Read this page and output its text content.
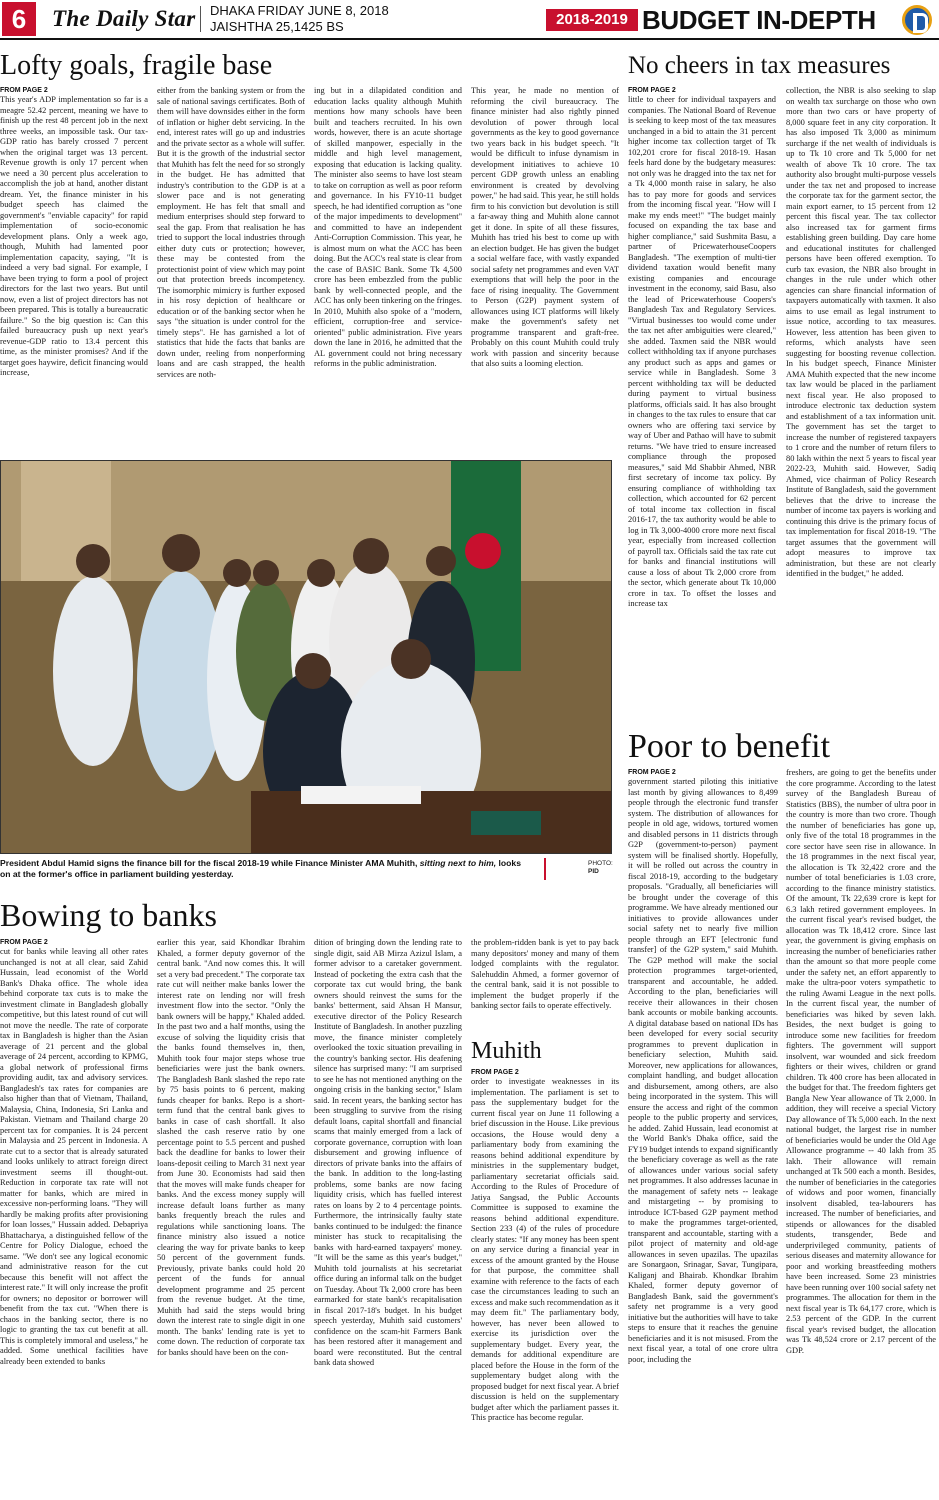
6	The Daily Star DHAKA FRIDAY JUNE 8, 2018
JAISHTHA 25,1425 BS	2018-2019 BUDGET IN-DEPTH
Lofty goals, fragile base
FROM PAGE 2
This year's ADP implementation so far is a meagre 52.42 percent, meaning we have to finish up the rest 48 percent job in the next three weeks, an impossible task. Our tax-GDP ratio has barely crossed 7 percent when the original target was 13 percent. Revenue growth is only 17 percent when we need a 30 percent plus acceleration to accomplish the job at hand, another distant dream. Yet, the finance minister in his budget speech has claimed the government's "enviable capacity" for rapid implementation of socio-economic development plans. Only a week ago, though, Muhith had lamented poor implementation capacity, saying, "It is indeed a very bad signal. For example, I have been trying to form a pool of project directors for the last two years. But until now, even a list of project directors has not been prepared. This is totally a bureaucratic failure." So the big question is: Can this failed bureaucracy push up next year's revenue-GDP ratio to 13.4 percent this time, as the minister promises? And if the target goes haywire, deficit financing would increase,
either from the banking system or from the sale of national savings certificates. Both of them will have downsides either in the form of inflation or higher debt servicing. In the end, interest rates will go up and industries and the private sector as a whole will suffer. But it is the growth of the industrial sector that Muhith has felt the need for so strongly in the budget. He has admitted that industry's contribution to the GDP is at a slower pace and is not generating employment. He has felt that small and medium enterprises should step forward to seal the gap. From that realisation he has tried to support the local industries through either duty cuts or protection; however, these may be contested from the protectionist point of view which may point out that protection breeds incompetency. The isomorphic mimicry is further exposed in his rosy depiction of healthcare or education or of the banking sector when he says "the situation is under control for the timely steps". He has garnished a lot of statistics that hide the facts that banks are down under, reeling from nonperforming loans and are cash strapped, the health services are noth-
ing but in a dilapidated condition and education lacks quality although Muhith mentions how many schools have been built and teachers recruited. In his own words, however, there is an acute shortage of skilled manpower, especially in the middle and high level management, exposing that education is lacking quality. The minister also seems to have lost steam to take on corruption as well as poor reform and governance. In his FY10-11 budget speech, he had identified corruption as "one of the major impediments to development" and committed to have an independent Anti-Corruption Commission. This year, he is almost mum on what the ACC has been doing. But the ACC's real state is clear from the case of BASIC Bank. Some Tk 4,500 crore has been embezzled from the public bank by well-connected people, and the ACC has only been tinkering on the fringes. In 2010, Muhith also spoke of a "modern, efficient, corruption-free and service-oriented" public administration. Five years down the lane in 2016, he admitted that the AL government could not bring necessary reforms in the public administration.
This year, he made no mention of reforming the civil bureaucracy. The finance minister had also rightly pinned devolution of power through local governments as the key to good governance two years back in his budget speech. "It would be difficult to infuse dynamism in development initiatives to achieve 10 percent GDP growth unless an enabling environment is created by devolving power," he had said. This year, he still holds firm to his conviction but devolution is still a far-away thing and Muhith alone cannot get it done. In spite of all these fissures, Muhith has tried his best to come up with an election budget. He has given the budget a social welfare face, with vastly expanded social safety net programmes and even VAT exemptions that will help the poor in the face of rising inequality. The Government to Person (G2P) payment system of allowances using ICT platforms will likely make the government's safety net programme transparent and graft-free. Probably on this count Muhith could truly work with passion and sincerity because that also suits a looming election.
No cheers in tax measures
FROM PAGE 2
little to cheer for individual taxpayers and companies. The National Board of Revenue is seeking to keep most of the tax measures unchanged in a bid to attain the 31 percent higher income tax collection target of Tk 102,201 crore for fiscal 2018-19. Hasan feels hard done by the budgetary measures: not only was he dragged into the tax net for a Tk 4,000 month raise in salary, he also has to pay more for goods and services from the incoming fiscal year. "How will I make my ends meet!" "The budget mainly focused on expanding the tax base and higher compliance," said Sushmita Basu, a partner of PricewaterhouseCoopers Bangladesh. "The exemption of multi-tier dividend taxation would benefit many existing companies and encourage investment in the economy, said Basu, also the lead of Pricewaterhouse Coopers's Bangladesh Tax and Regulatory Services. "Virtual businesses too would come under the tax net after ambiguities were cleared," she added. Taxmen said the NBR would collect withholding tax if anyone purchases any product such as apps and games or service while in Bangladesh. Some 3 percent withholding tax will be deducted during payment to virtual business platforms, officials said. It has also brought in changes to the tax rules to ensure that car owners who are offering taxi service by way of Uber and Pathao will have to submit returns. "We have tried to ensure increased compliance through the proposed measures," said Md Shabbir Ahmed, NBR first secretary of income tax policy. By ensuring compliance of withholding tax collection, which accounted for 62 percent of total income tax collection in fiscal 2016-17, the tax authority would be able to log in Tk 3,000-4000 crore more next fiscal year, especially from increased collection of payroll tax. Officials said the tax rate cut for banks and financial institutions will cause a loss of about Tk 2,000 crore from the sector, which generate about Tk 10,000 crore in tax. To offset the losses and increase tax
collection, the NBR is also seeking to slap on wealth tax surcharge on those who own more than two cars or have property of 8,000 square feet in any city corporation. It has also imposed Tk 3,000 as minimum surcharge if the net wealth of individuals is up to Tk 10 crore and Tk 5,000 for net wealth of above Tk 10 crore. The tax authority also brought multi-purpose vessels under the tax net and proposed to increase the corporate tax for the garment sector, the main export earner, to 15 percent from 12 percent this fiscal year. The tax collector also increased tax for garment firms establishing green building. Day care home and educational institutes for challenged persons have been offered exemption. To curb tax evasion, the NBR also brought in changes in the rule under which other agencies can share financial information of taxpayers automatically with taxmen. It also aims to use email as legal instrument to issue notice, according to tax measures. However, less attention has been given to reforms, which analysts have seen suggesting for boosting revenue collection. In his budget speech, Finance Minister AMA Muhith expected that the new income tax law would be placed in the parliament next fiscal year. He also proposed to introduce electronic tax deduction system and establishment of a tax information unit. The government has set the target to increase the number of registered taxpayers to 1 crore and the number of return filers to 80 lakh within the next 5 years to fiscal year 2022-23, Muhith said. However, Sadiq Ahmed, vice chairman of Policy Research Institute of Bangladesh, said the government believes that the drive to increase the number of income tax payers is working and continuing this drive is the primary focus of tax implementation for fiscal 2018-19. "The target assumes that the government will adopt measures to improve tax administration, but these are not clearly identified in the budget," he added.
President Abdul Hamid signs the finance bill for the fiscal 2018-19 while Finance Minister AMA Muhith, sitting next to him, looks on at the former's office in parliament building yesterday.
PHOTO:
PID
Poor to benefit
FROM PAGE 2
government started piloting this initiative last month by giving allowances to 8,499 people through the electronic fund transfer system. The distribution of allowances for people in old age, widows, tortured women and disabled persons in 11 districts through G2P (government-to-person) payment system will be finalised shortly. Hopefully, it will be rolled out across the country in fiscal 2018-19, according to the budgetary proposals. "Gradually, all beneficiaries will be brought under the coverage of this programme. We have already mentioned our initiatives to provide allowances under social safety net to nearly five million people through an EFT [electronic fund transfer] of the G2P system," said Muhith. The G2P method will make the social protection programmes target-oriented, transparent and accountable, he added. According to the plan, beneficiaries will receive their allowances in their chosen bank accounts or mobile banking accounts. A digital database based on national IDs has been developed for every social security programmes to prevent duplication in beneficiary selection, Muhith said. Moreover, new applications for allowances, complaint handling, and budget allocation and disbursement, among others, are also being incorporated in the system. This will ensure the access and right of the common people to the public property and services, he added. Zahid Hussain, lead economist at the World Bank's Dhaka office, said the FY19 budget intends to expand significantly the beneficiary coverage as well as the rate of allowances under various social safety net programmes. It also addresses lacunae in the management of safety nets -- leakage and mistargeting -- by promising to introduce ICT-based G2P payment method to make the programmes target-oriented, transparent and accountable, starting with a pilot project of maternity and old-age allowances in seven upazilas. The upazilas are Sonargaon, Srinagar, Savar, Tungipara, Kaliganj and Bhairab. Khondkar Ibrahim Khaled, former deputy governor of Bangladesh Bank, said the government's safety net programme is a very good initiative but the authorities will have to take steps to ensure that it reaches the genuine beneficiaries and it is not misused. From the next fiscal year, a total of one crore ultra poor, including the
freshers, are going to get the benefits under the core programme. According to the latest survey of the Bangladesh Bureau of Statistics (BBS), the number of ultra poor in the country is more than two crore. Though the number of beneficiaries has gone up, only five of the total 18 programmes in the core sector have seen rise in allowance. In the 18 programmes in the next fiscal year, the allocation is Tk 32,422 crore and the number of total beneficiaries is 1.03 crore, according to the finance ministry statistics. Of the amount, Tk 22,639 crore is kept for 6.3 lakh retired government employees. In the current fiscal year's revised budget, the allocation was Tk 18,412 crore. Since last year, the government is giving emphasis on increasing the number of beneficiaries rather than the amount so that more people come under the safety net, an effort apparently to make the ultra-poor voters sympathetic to the ruling Awami League in the next polls. In the current fiscal year, the number of beneficiaries was hiked by seven lakh. Besides, the next budget is going to introduce some new facilities for freedom fighters. The government will support insolvent, war wounded and sick freedom fighters or their wives, children or grand children. Tk 400 crore has been allocated in the budget for that. The freedom fighters get Bangla New Year allowance of Tk 2,000. In addition, they will receive a special Victory Day allowance of Tk 5,000 each. In the next national budget, the largest rise in number of beneficiaries would be under the Old Age Allowance programme -- 40 lakh from 35 lakh. Their allowance will remain unchanged at Tk 500 each a month. Besides, the number of beneficiaries in the categories of widows and poor women, financially insolvent disabled, tea-labourers has increased. The number of beneficiaries, and stipends or allowances for the disabled students, transgender, Bede and underprivileged community, patients of serious diseases and maternity allowance for poor and working breastfeeding mothers have been increased. Some 23 ministries have been running over 100 social safety net programmes. The allocation for them in the next fiscal year is Tk 64,177 crore, which is 2.53 percent of the GDP. In the current fiscal year's revised budget, the allocation was Tk 48,524 crore or 2.17 percent of the GDP.
Bowing to banks
FROM PAGE 2
cut for banks while leaving all other rates unchanged is not at all clear, said Zahid Hussain, lead economist of the World Bank's Dhaka office. The whole idea behind corporate tax cuts is to make the investment climate in Bangladesh globally competitive, but this latest round of cut will not move the needle. The rate of corporate tax in Bangladesh is higher than the Asian average of 21 percent and the global average of 24 percent, according to KPMG, a global network of professional firms providing audit, tax and advisory services. Bangladesh's tax rates for companies are also higher than that of Vietnam, Thailand, Malaysia, China, Indonesia, Sri Lanka and Pakistan. Vietnam and Thailand charge 20 percent tax for companies. It is 24 percent in Malaysia and 25 percent in Indonesia. A rate cut to a sector that is already saturated and looks unlikely to attract foreign direct investment seems ill thought-out. Reduction in corporate tax rate will not matter for banks, which are mired in excessive non-performing loans. "They will hardly be making profits after provisioning for loan losses," Hussain added. Debapriya Bhattacharya, a distinguished fellow of the Centre for Policy Dialogue, echoed the same. "We don't see any logical economic and administrative reason for the cut because this benefit will not affect the interest rate." It will only increase the profit for owners; no depositor or borrower will benefit from the tax cut. "When there is chaos in the banking sector, there is no logic to granting the tax cut benefit at all. This is completely immoral and useless," he added. Some unethical facilities have already been extended to banks
earlier this year, said Khondkar Ibrahim Khaled, a former deputy governor of the central bank. "And now comes this. It will set a very bad precedent." The corporate tax rate cut will neither make banks lower the interest rate on lending nor will fresh investment flow into the sector. "Only the bank owners will be happy," Khaled added. In the past two and a half months, using the excuse of solving the liquidity crisis that the banks found themselves in, then, Muhith took four major steps whose true beneficiaries were just the bank owners. The Bangladesh Bank slashed the repo rate by 75 basis points to 6 percent, making funds cheaper for banks. Repo is a short-term fund that the central bank gives to banks in case of cash shortfall. It also slashed the cash reserve ratio by one percentage point to 5.5 percent and pushed back the deadline for banks to lower their loans-deposit ceiling to March 31 next year from June 30. Economists had said then that the moves will make funds cheaper for banks. And the excess money supply will increase default loans further as many banks frequently breach the rules and regulations while sanctioning loans. The finance ministry also issued a notice clearing the way for private banks to keep 50 percent of the government funds. Previously, private banks could hold 20 percent of the funds for annual development programme and 25 percent from the revenue budget. At the time, Muhith had said the steps would bring down the interest rate to single digit in one month. The banks' lending rate is yet to come down. The reduction of corporate tax for banks should have been on the con-
dition of bringing down the lending rate to single digit, said AB Mirza Azizul Islam, a former advisor to a caretaker government. Instead of pocketing the extra cash that the corporate tax cut would bring, the bank owners should reinvest the sums for the banks' betterment, said Ahsan H Mansur, executive director of the Policy Research Institute of Bangladesh. In another puzzling move, the finance minister completely overlooked the toxic situation prevailing in the country's banking sector. His deafening silence has surprised many: "I am surprised to see he has not mentioned anything on the ongoing crisis in the banking sector," Islam said. In recent years, the banking sector has been struggling to survive from the rising default loans, capital shortfall and financial scams that mainly emerged from a lack of corporate governance, corruption with loan disbursement and growing influence of directors of private banks into the affairs of the bank. In addition to the long-lasting problems, some banks are now facing liquidity crisis, which has fuelled interest rates on loans by 2 to 4 percentage points. Furthermore, the intrinsically faulty state banks continued to be indulged: the finance minister has stuck to recapitalising the banks with hard-earned taxpayers' money. "It will be the same as this year's budget," Muhith told journalists at his secretariat office during an informal talk on the budget on Tuesday. About Tk 2,000 crore has been earmarked for state bank's recapitalisation in fiscal 2017-18's budget. In his budget speech yesterday, Muhith said customers' confidence on the scam-hit Farmers Bank has been restored after it management and board were reconstituted. But the central bank data showed
the problem-ridden bank is yet to pay back many depositors' money and many of them lodged complaints with the regulator. Salehuddin Ahmed, a former governor of the central bank, said it is not possible to implement the budget properly if the banking sector fails to operate effectively.
Muhith
FROM PAGE 2
order to investigate weaknesses in its implementation. The parliament is set to pass the supplementary budget for the current fiscal year on June 11 following a brief discussion in the House. Like previous occasions, the House would deny a parliamentary body from examining the reasons behind additional expenditure by ministries in the supplementary budget, parliamentary secretariat officials said. According to the Rules of Procedure of Jatiya Sangsad, the Public Accounts Committee is supposed to examine the reasons behind additional expenditure. Section 233 (4) of the rules of procedure clearly states: "If any money has been spent on any service during a financial year in excess of the amount granted by the House for that purpose, the committee shall examine with reference to the facts of each case the circumstances leading to such an excess and make such recommendation as it may deem fit." The parliamentary body, however, has never been allowed to exercise its jurisdiction over the supplementary budget. Every year, the demands for additional expenditure are placed before the House in the form of the supplementary budget along with the proposed budget for next fiscal year. A brief discussion is held on the supplementary budget after which the parliament passes it. This practice has become regular.
